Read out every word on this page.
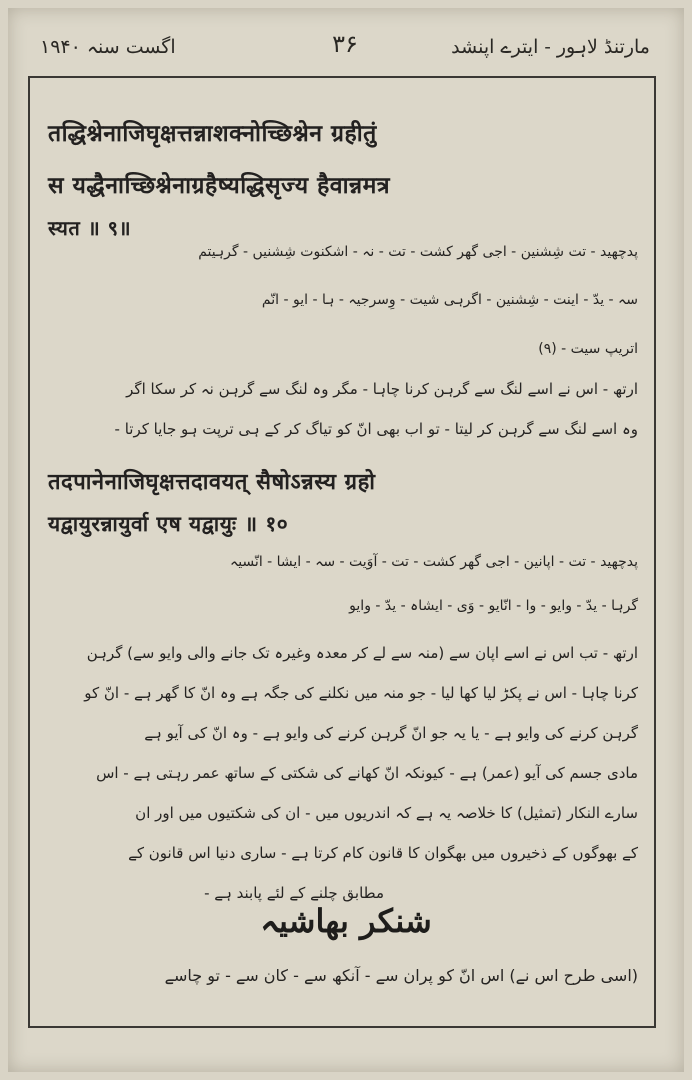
اگست سنہ ۱۹۴۰	۳۶	مارتنڈ لاہور - ایترے اپنشد
तद्धिश्नेनाजिघृक्षत्तन्नाशक्नोच्छिश्नेन ग्रहीतुं
स यद्धैनाच्छिश्नेनाग्रहैष्यद्धिसृज्य हैवान्नमत्र
स्यत ॥ ९॥
پدچھید - تت شِشنین - اجی گھر کشت - تت - نہ - اشکنوت شِشنیں - گرہیتم
سہ - یدّ - اینت - شِشنین - اگرہی شیت - وِسرجیہ - ہا - ایو - انّم
اتریپ سیت - (۹)
ارتھ - اس نے اسے لنگ سے گرہن کرنا چاہا - مگر وہ لنگ سے گرہن نہ کر سکا اگر
وہ اسے لنگ سے گرہن کر لیتا - تو اب بھی انّ کو تیاگ کر کے ہی ترپت ہو جایا کرتا -
तदपानेनाजिघृक्षत्तदावयत् सैषोऽन्नस्य ग्रहो
यद्वायुरन्नायुर्वा एष यद्वायुः ॥ १०
پدچھید - تت - اپانین - اجی گھر کشت - تت - آوَیت - سہ - ایشا - انّسیہ
گرہا - یدّ - وایو - وا - انّایو - وَی - ایشاہ - یدّ - وایو
ارتھ - تب اس نے اسے اپان سے (منہ سے لے کر معدہ وغیرہ تک جانے والی وایو سے) گرہن
کرنا چاہا - اس نے پکڑ لیا کھا لیا - جو منہ میں نکلنے کی جگہ ہے وہ انّ کا گھر ہے - انّ کو
گرہن کرنے کی وایو ہے - یا یہ جو انّ گرہن کرنے کی وایو ہے - وہ انّ کی آیو ہے
مادی جسم کی آیو (عمر) ہے - کیونکہ انّ کھانے کی شکتی کے ساتھ عمر رہتی ہے - اس
سارے النکار (تمثیل) کا خلاصہ یہ ہے کہ اندریوں میں - ان کی شکتیوں میں اور ان
کے بھوگوں کے ذخیروں میں بھگوان کا قانون کام کرتا ہے - ساری دنیا اس قانون کے
مطابق چلنے کے لئے پابند ہے -
شنکر بھاشیہ
(اسی طرح اس نے) اس انّ کو پران سے - آنکھ سے - کان سے - تو چاسے
